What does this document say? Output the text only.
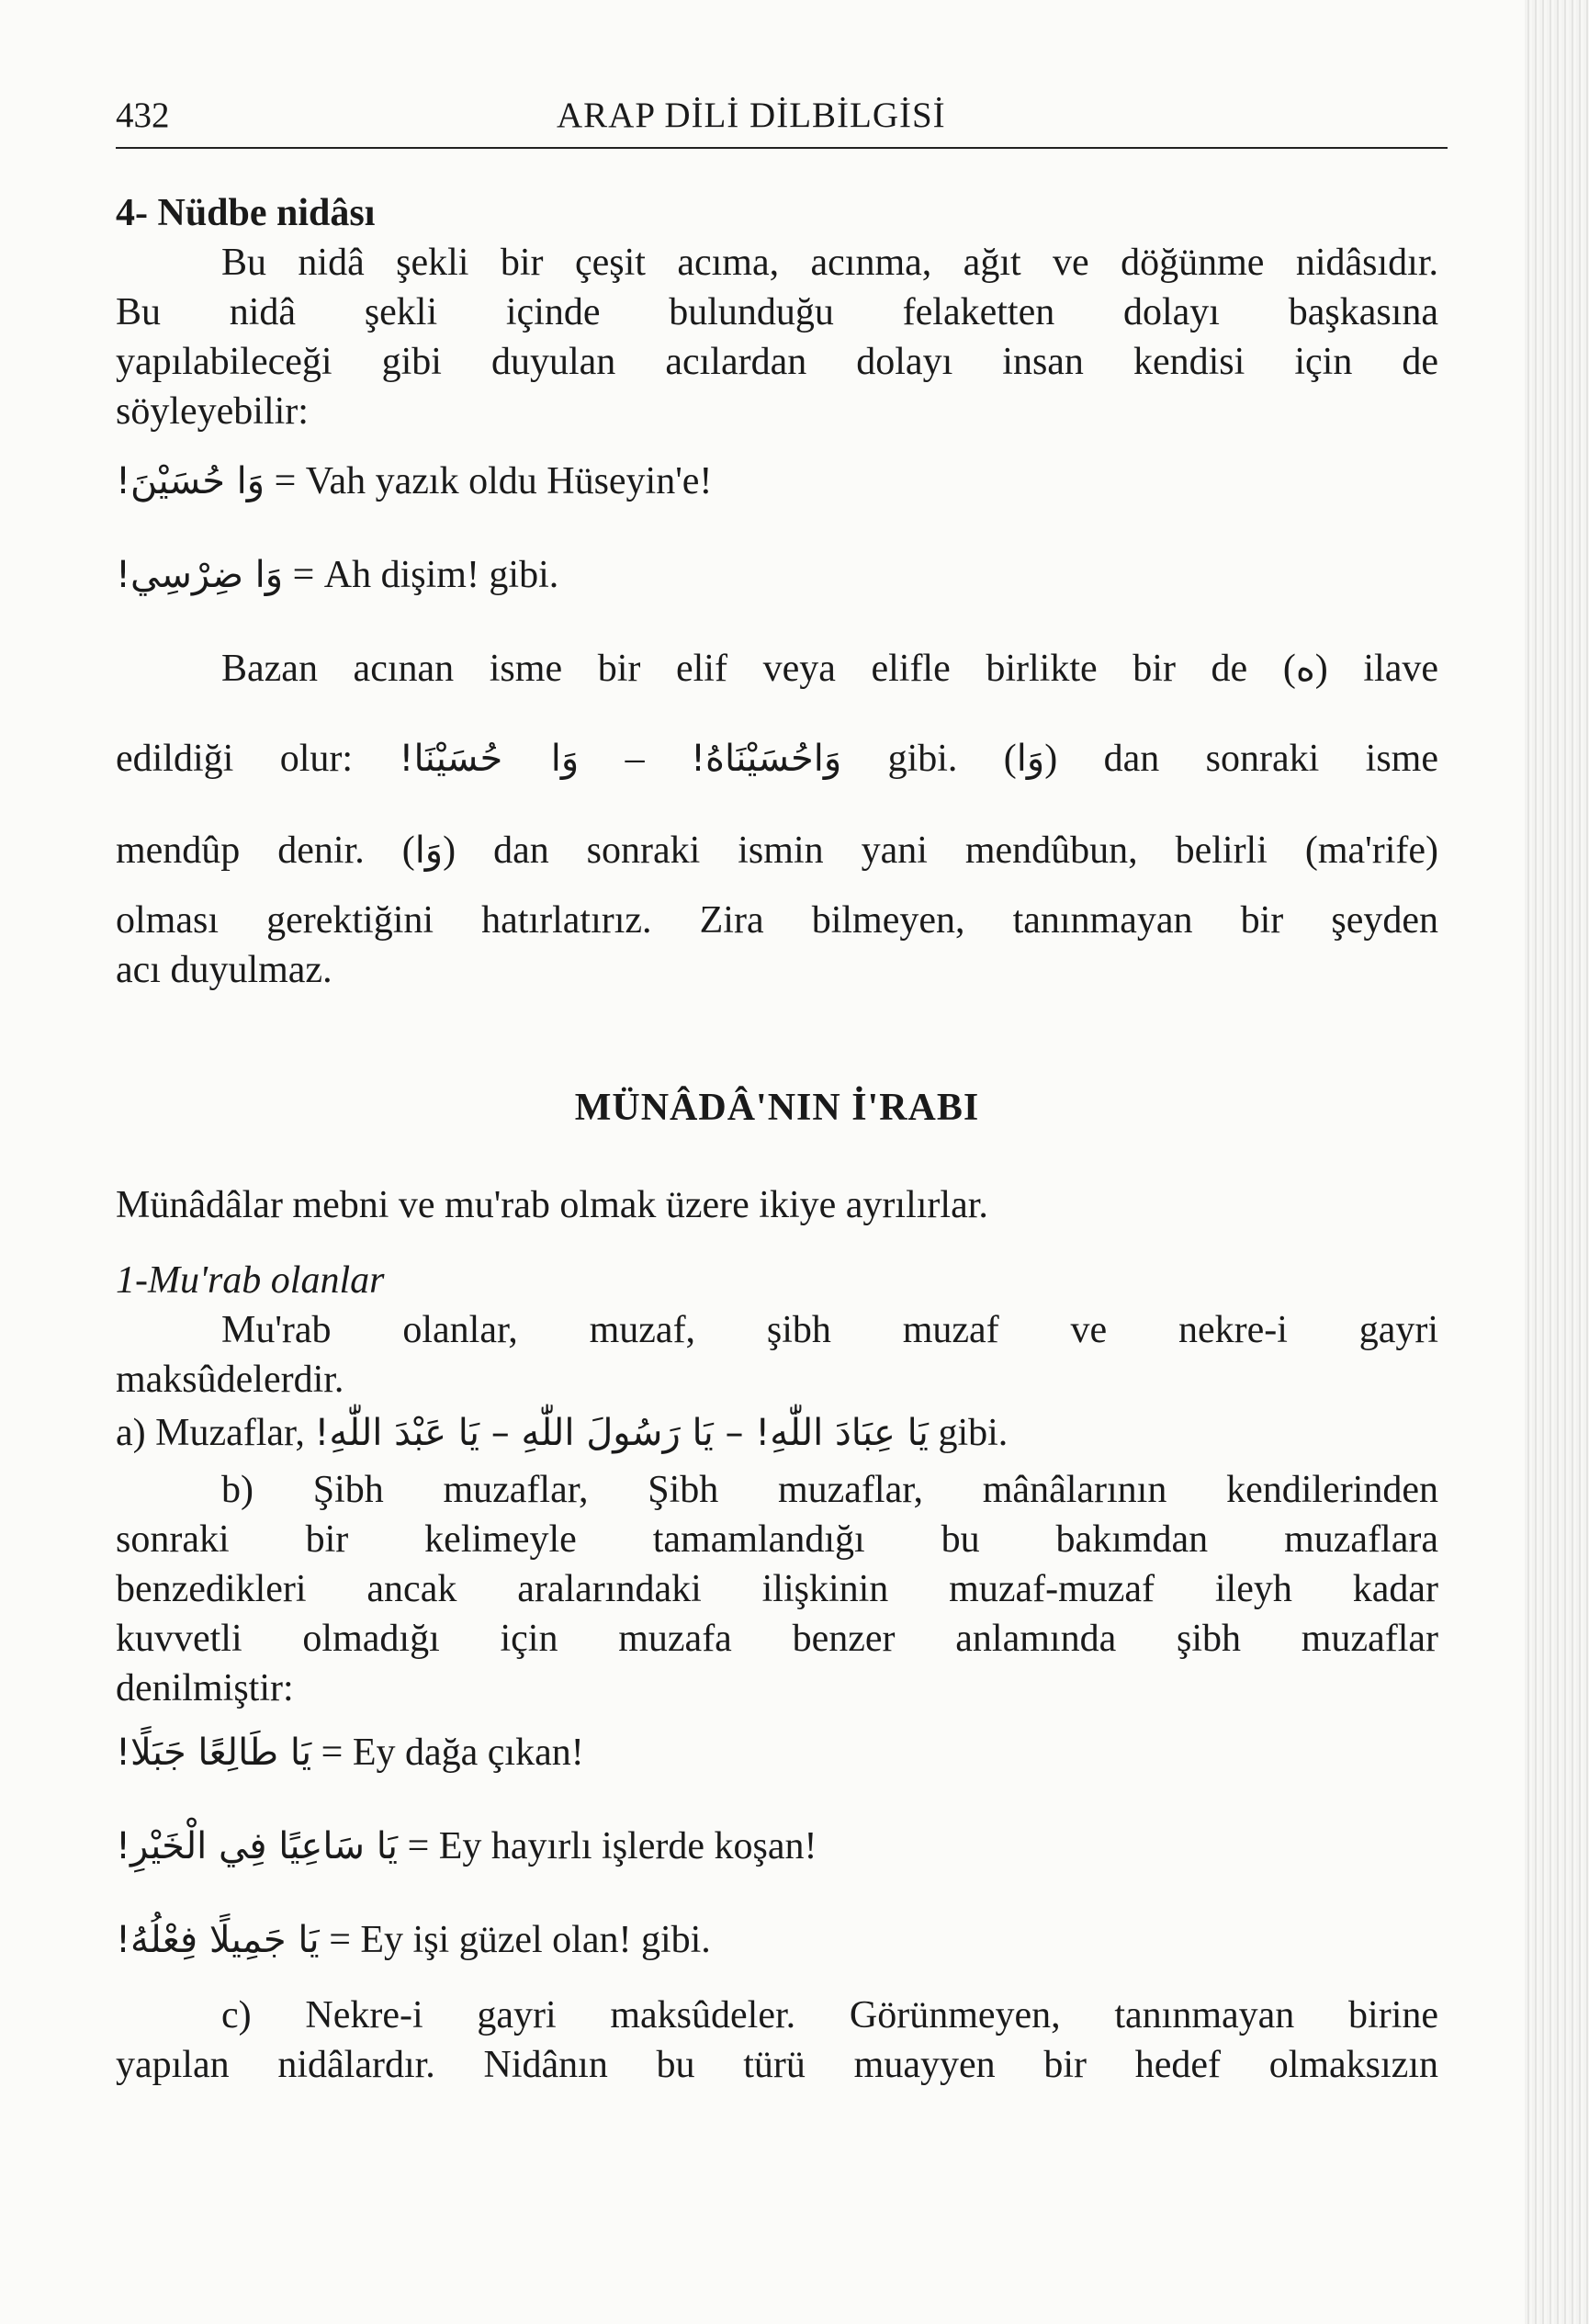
432	ARAP DİLİ DİLBİLGİSİ

4- Nüdbe nidâsı

Bu nidâ şekli bir çeşit acıma, acınma, ağıt ve döğünme nidâsıdır.

Bu nidâ şekli içinde bulunduğu felaketten dolayı başkasına

yapılabileceği gibi duyulan acılardan dolayı insan kendisi için de

söyleyebilir:

وَا حُسَيْنَ! = Vah yazık oldu Hüseyin'e!

وَا ضِرْسِي! = Ah dişim! gibi.

Bazan acınan isme bir elif veya elifle birlikte bir de (ه) ilave

edildiği olur: وَا حُسَيْنَا! – وَاحُسَيْنَاهُ! gibi. (وَا) dan sonraki isme

mendûp denir. (وَا) dan sonraki ismin yani mendûbun, belirli (ma'rife)

olması gerektiğini hatırlatırız. Zira bilmeyen, tanınmayan bir şeyden

acı duyulmaz.

MÜNÂDÂ'NIN İ'RABI

Münâdâlar mebni ve mu'rab olmak üzere ikiye ayrılırlar.

1-Mu'rab olanlar

Mu'rab olanlar, muzaf, şibh muzaf ve nekre-i gayri

maksûdelerdir.

a) Muzaflar, يَا عِبَادَ اللّٰهِ! – يَا رَسُولَ اللّٰهِ – يَا عَبْدَ اللّٰهِ! gibi.

b) Şibh muzaflar, Şibh muzaflar, mânâlarının kendilerinden

sonraki bir kelimeyle tamamlandığı bu bakımdan muzaflara

benzedikleri ancak aralarındaki ilişkinin muzaf-muzaf ileyh kadar

kuvvetli olmadığı için muzafa benzer anlamında şibh muzaflar

denilmiştir:

يَا طَالِعًا جَبَلًا! = Ey dağa çıkan!

يَا سَاعِيًا فِي الْخَيْرِ! = Ey hayırlı işlerde koşan!

يَا جَمِيلًا فِعْلُهُ! = Ey işi güzel olan! gibi.

c) Nekre-i gayri maksûdeler. Görünmeyen, tanınmayan birine

yapılan nidâlardır. Nidânın bu türü muayyen bir hedef olmaksızın
